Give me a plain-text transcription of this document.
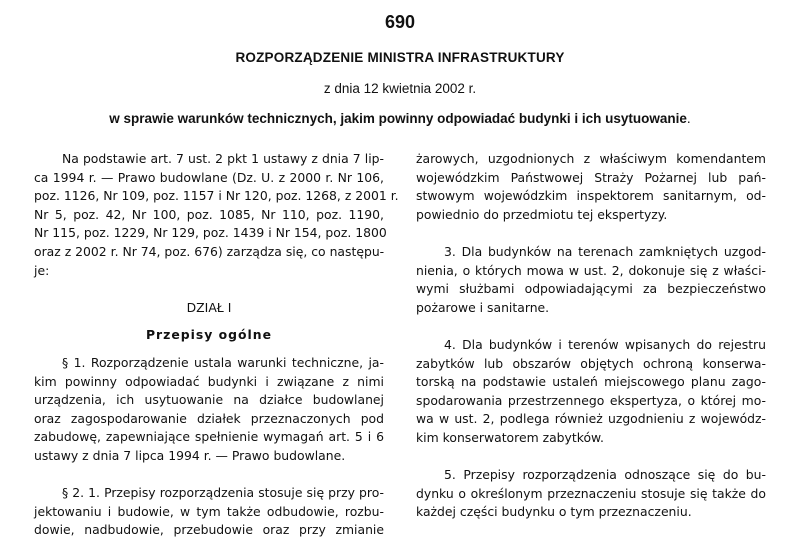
690
ROZPORZĄDZENIE MINISTRA INFRASTRUKTURY
z dnia 12 kwietnia 2002 r.
w sprawie warunków technicznych, jakim powinny odpowiadać budynki i ich usytuowanie.
Na podstawie art. 7 ust. 2 pkt 1 ustawy z dnia 7 lip-
ca 1994 r. — Prawo budowlane (Dz. U. z 2000 r. Nr 106,
poz. 1126, Nr 109, poz. 1157 i Nr 120, poz. 1268, z 2001 r.
Nr 5, poz. 42, Nr 100, poz. 1085, Nr 110, poz. 1190,
Nr 115, poz. 1229, Nr 129, poz. 1439 i Nr 154, poz. 1800
oraz z 2002 r. Nr 74, poz. 676) zarządza się, co następu-
je:
DZIAŁ I
Przepisy ogólne
§ 1. Rozporządzenie ustala warunki techniczne, ja-
kim powinny odpowiadać budynki i związane z nimi
urządzenia, ich usytuowanie na działce budowlanej
oraz zagospodarowanie działek przeznaczonych pod
zabudowę, zapewniające spełnienie wymagań art. 5 i 6
ustawy z dnia 7 lipca 1994 r. — Prawo budowlane.
§ 2. 1. Przepisy rozporządzenia stosuje się przy pro-
jektowaniu i budowie, w tym także odbudowie, rozbu-
dowie, nadbudowie, przebudowie oraz przy zmianie
żarowych, uzgodnionych z właściwym komendantem
wojewódzkim Państwowej Straży Pożarnej lub pań-
stwowym wojewódzkim inspektorem sanitarnym, od-
powiednio do przedmiotu tej ekspertyzy.
3. Dla budynków na terenach zamkniętych uzgod-
nienia, o których mowa w ust. 2, dokonuje się z właści-
wymi służbami odpowiadającymi za bezpieczeństwo
pożarowe i sanitarne.
4. Dla budynków i terenów wpisanych do rejestru
zabytków lub obszarów objętych ochroną konserwa-
torską na podstawie ustaleń miejscowego planu zago-
spodarowania przestrzennego ekspertyza, o której mo-
wa w ust. 2, podlega również uzgodnieniu z wojewódz-
kim konserwatorem zabytków.
5. Przepisy rozporządzenia odnoszące się do bu-
dynku o określonym przeznaczeniu stosuje się także do
każdej części budynku o tym przeznaczeniu.
